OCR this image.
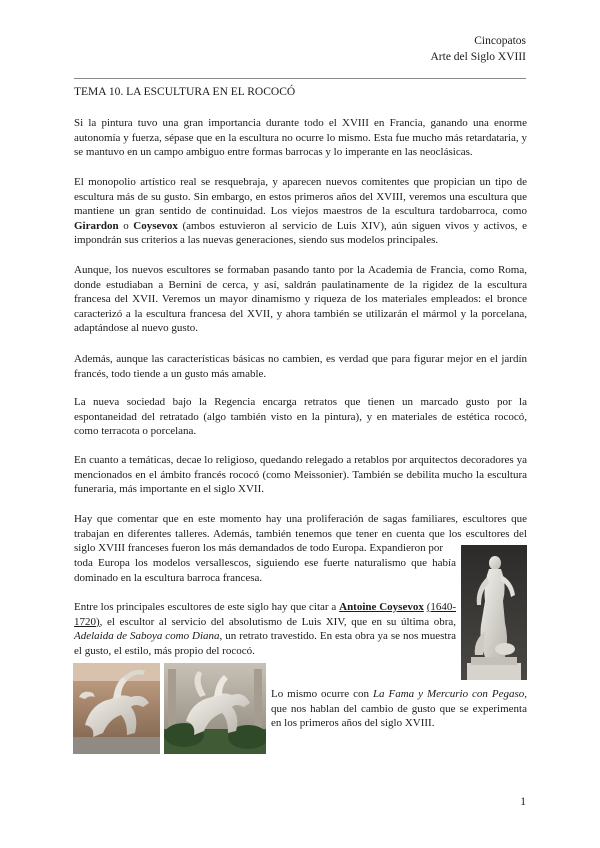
Cincopatos
Arte del Siglo XVIII
TEMA 10. LA ESCULTURA EN EL ROCOCÓ

Si la pintura tuvo una gran importancia durante todo el XVIII en Francia, ganando una enorme autonomía y fuerza, sépase que en la escultura no ocurre lo mismo. Esta fue mucho más retardataria, y se mantuvo en un campo ambiguo entre formas barrocas y lo imperante en las neoclásicas.

El monopolio artístico real se resquebraja, y aparecen nuevos comitentes que propician un tipo de escultura más de su gusto. Sin embargo, en estos primeros años del XVIII, veremos una escultura que mantiene un gran sentido de continuidad. Los viejos maestros de la escultura tardobarroca, como Girardon o Coysevox (ambos estuvieron al servicio de Luis XIV), aún siguen vivos y activos, e impondrán sus criterios a las nuevas generaciones, siendo sus modelos principales.

Aunque, los nuevos escultores se formaban pasando tanto por la Academia de Francia, como Roma, donde estudiaban a Bernini de cerca, y así, saldrán paulatinamente de la rigidez de la escultura francesa del XVII. Veremos un mayor dinamismo y riqueza de los materiales empleados: el bronce caracterizó a la escultura francesa del XVII, y ahora también se utilizarán el mármol y la porcelana, adaptándose al nuevo gusto.

Además, aunque las características básicas no cambien, es verdad que para figurar mejor en el jardín francés, todo tiende a un gusto más amable.

La nueva sociedad bajo la Regencia encarga retratos que tienen un marcado gusto por la espontaneidad del retratado (algo también visto en la pintura), y en materiales de estética rococó, como terracota o porcelana.

En cuanto a temáticas, decae lo religioso, quedando relegado a retablos por arquitectos decoradores ya mencionados en el ámbito francés rococó (como Meissonier). También se debilita mucho la escultura funeraria, más importante en el siglo XVII.

Hay que comentar que en este momento hay una proliferación de sagas familiares, escultores que trabajan en diferentes talleres. Además, también tenemos que tener en cuenta que los escultores del siglo XVIII franceses fueron los más demandados de todo Europa. Expandieron por

toda Europa los modelos versallescos, siguiendo ese fuerte naturalismo que había dominado en la escultura barroca francesa.

Entre los principales escultores de este siglo hay que citar a Antoine Coysevox (1640-1720), el escultor al servicio del absolutismo de Luis XIV, que en su última obra, Adelaida de Saboya como Diana, un retrato travestido. En esta obra ya se nos muestra el gusto, el estilo, más propio del rococó.

Lo mismo ocurre con La Fama y Mercurio con Pegaso, que nos hablan del cambio de gusto que se experimenta en los primeros años del siglo XVIII.

1
